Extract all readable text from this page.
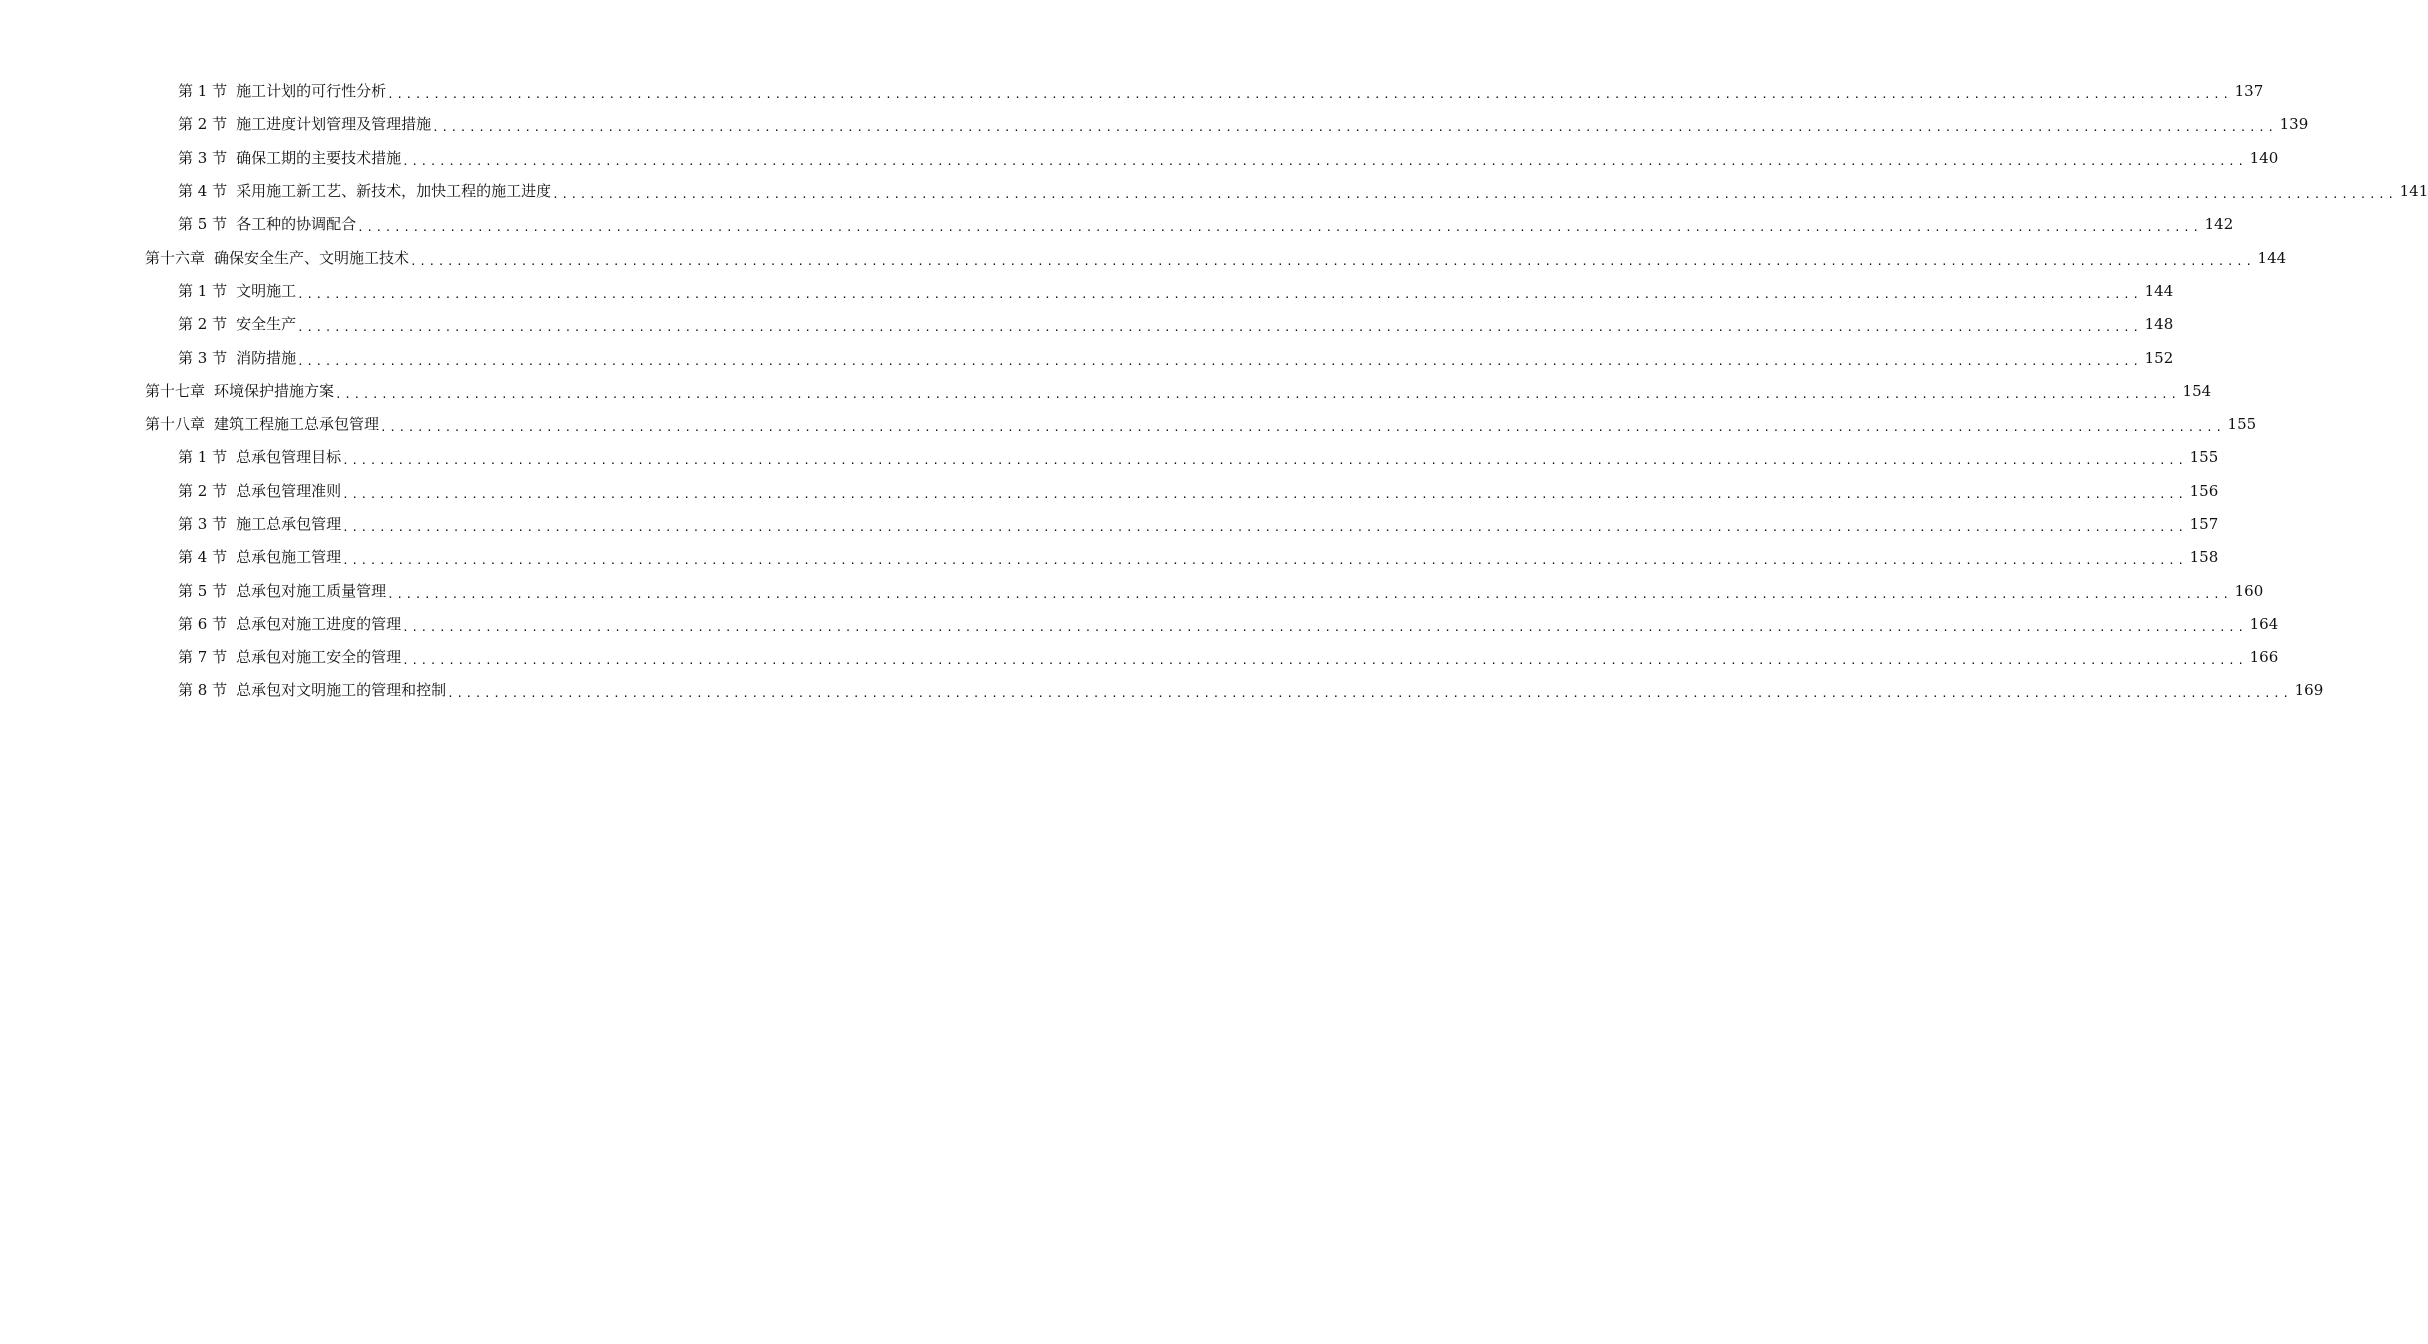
第 1 节 施工计划的可行性分析 ........................................................................................................................................................................................................ 137
第 2 节 施工进度计划管理及管理措施 ........................................................................................................................................................................................................ 139
第 3 节 确保工期的主要技术措施 ........................................................................................................................................................................................................ 140
第 4 节 采用施工新工艺、新技术，加快工程的施工进度 ........................................................................................................................................................................................................ 141
第 5 节 各工种的协调配合 ........................................................................................................................................................................................................ 142
第十六章 确保安全生产、文明施工技术 ........................................................................................................................................................................................................ 144
第 1 节 文明施工 ........................................................................................................................................................................................................ 144
第 2 节 安全生产 ........................................................................................................................................................................................................ 148
第 3 节 消防措施 ........................................................................................................................................................................................................ 152
第十七章 环境保护措施方案 ........................................................................................................................................................................................................ 154
第十八章 建筑工程施工总承包管理 ........................................................................................................................................................................................................ 155
第 1 节 总承包管理目标 ........................................................................................................................................................................................................ 155
第 2 节 总承包管理准则 ........................................................................................................................................................................................................ 156
第 3 节 施工总承包管理 ........................................................................................................................................................................................................ 157
第 4 节 总承包施工管理 ........................................................................................................................................................................................................ 158
第 5 节 总承包对施工质量管理 ........................................................................................................................................................................................................ 160
第 6 节 总承包对施工进度的管理 ........................................................................................................................................................................................................ 164
第 7 节 总承包对施工安全的管理 ........................................................................................................................................................................................................ 166
第 8 节 总承包对文明施工的管理和控制 ........................................................................................................................................................................................................ 169
